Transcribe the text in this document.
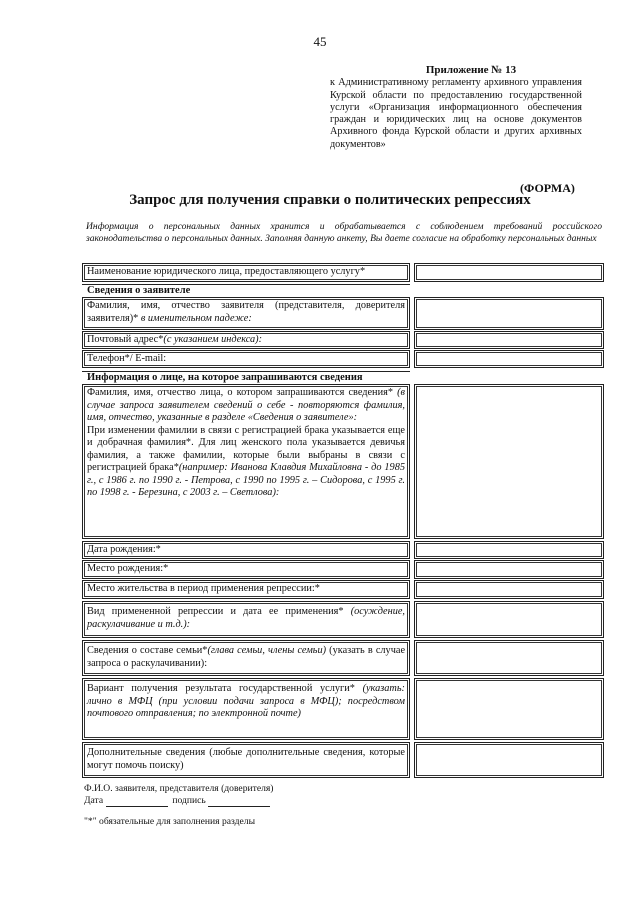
45
Приложение № 13
к Административному регламенту архивного управления Курской области по предоставлению государственной услуги «Организация информационного обеспечения граждан и юридических лиц на основе документов Архивного фонда Курской области и других архивных документов»
(ФОРМА)
Запрос для получения справки о политических репрессиях
Информация о персональных данных хранится и обрабатывается с соблюдением требований российского законодательства о персональных данных. Заполняя данную анкету, Вы даете согласие на обработку персональных данных
Наименование юридического лица, предоставляющего услугу*
Сведения о заявителе
Фамилия, имя, отчество заявителя (представителя, доверителя заявителя)* в именительном падеже:
Почтовый адрес*(с указанием индекса):
Телефон*/ E-mail:
Информация о лице, на которое запрашиваются сведения
Фамилия, имя, отчество лица, о котором запрашиваются сведения* (в случае запроса заявителем сведений о себе - повторяются фамилия, имя, отчество, указанные в разделе «Сведения о заявителе»:
При изменении фамилии в связи с регистрацией брака указывается еще и добрачная фамилия*. Для лиц женского пола указывается девичья фамилия, а также фамилии, которые были выбраны в связи с регистрацией брака*(например: Иванова Клавдия Михайловна - до 1985 г., с 1986 г. по 1990 г. - Петрова, с 1990 по 1995 г. – Сидорова, с 1995 г. по 1998 г. - Березина, с 2003 г. – Светлова):
Дата рождения:*
Место рождения:*
Место жительства в период применения репрессии:*
Вид примененной репрессии и дата ее применения* (осуждение, раскулачивание и т.д.):
Сведения о составе семьи*(глава семьи, члены семьи) (указать в случае запроса о раскулачивании):
Вариант получения результата государственной услуги* (указать: лично в МФЦ (при условии подачи запроса в МФЦ); посредством почтового отправления; по электронной почте)
Дополнительные сведения (любые дополнительные сведения, которые могут помочь поиску)
Ф.И.О. заявителя, представителя (доверителя)
Дата	подпись
"*" обязательные для заполнения разделы
